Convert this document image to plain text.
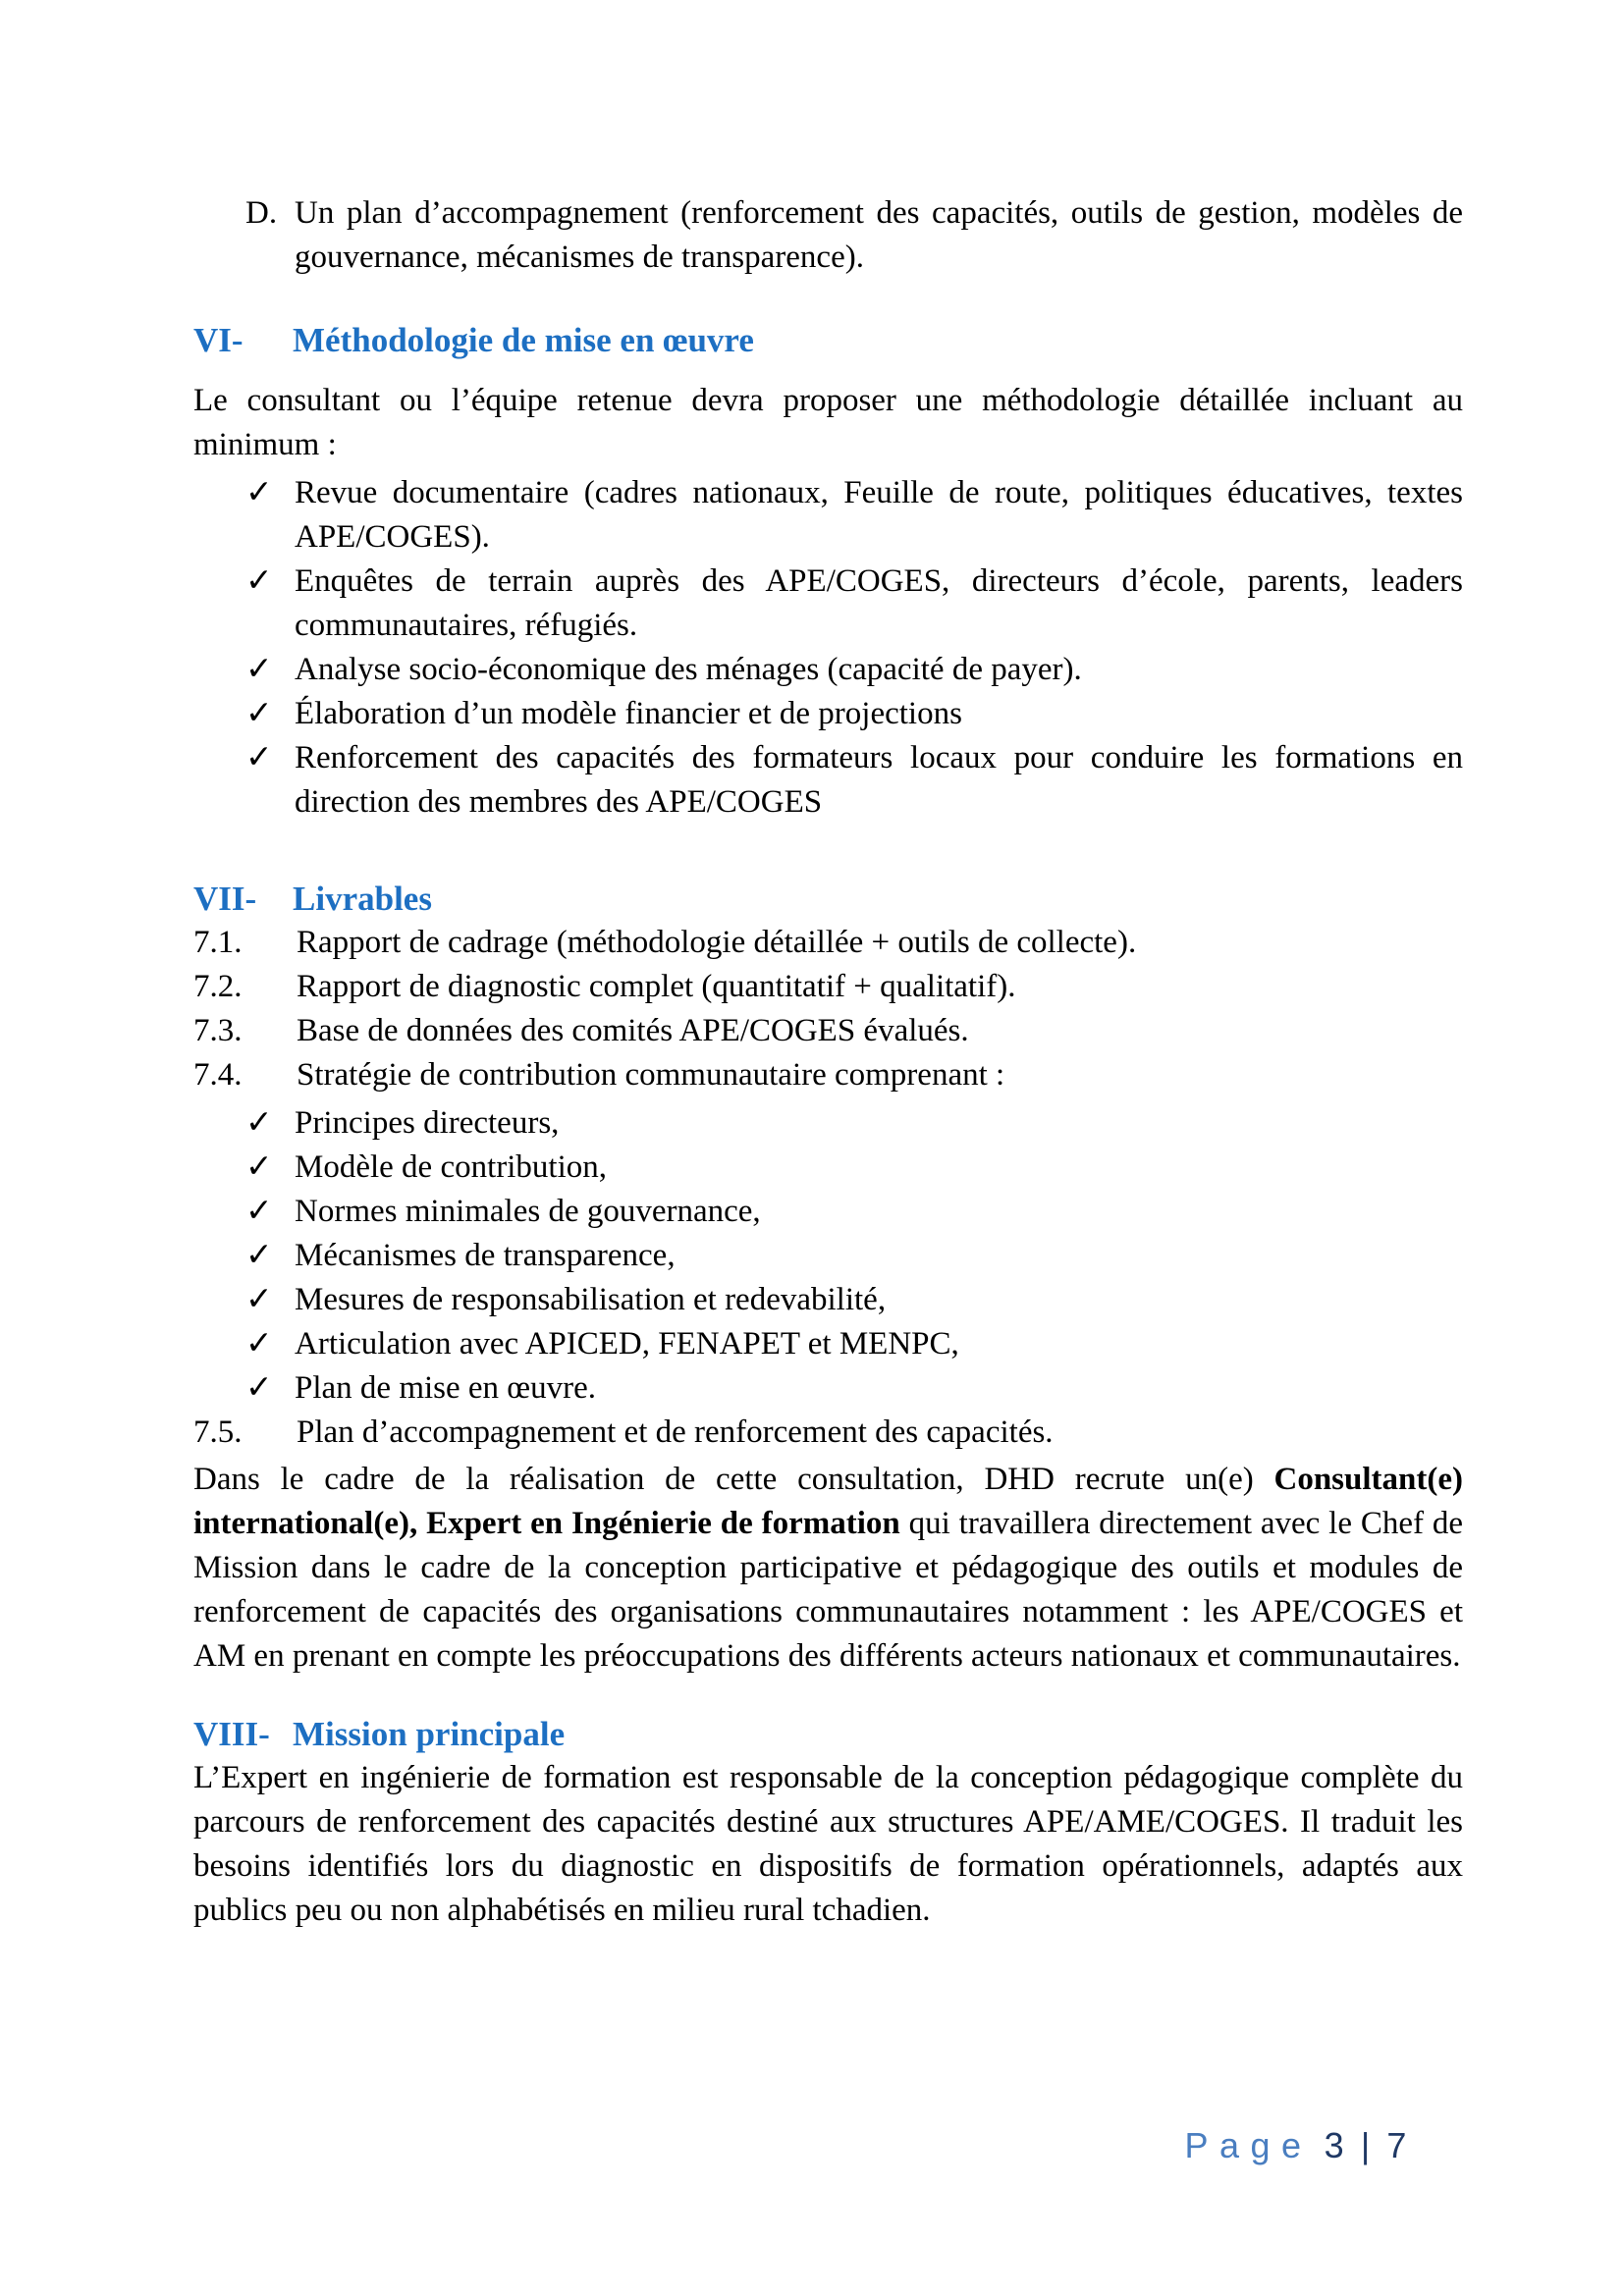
D. Un plan d’accompagnement (renforcement des capacités, outils de gestion, modèles de gouvernance, mécanismes de transparence).
VI-	Méthodologie de mise en œuvre

Le consultant ou l’équipe retenue devra proposer une méthodologie détaillée incluant au minimum :

✓ Revue documentaire (cadres nationaux, Feuille de route, politiques éducatives, textes APE/COGES).
✓ Enquêtes de terrain auprès des APE/COGES, directeurs d’école, parents, leaders communautaires, réfugiés.
✓ Analyse socio-économique des ménages (capacité de payer).
✓ Élaboration d’un modèle financier et de projections
✓ Renforcement des capacités des formateurs locaux pour conduire les formations en direction des membres des APE/COGES
VII-	Livrables
7.1.	Rapport de cadrage (méthodologie détaillée + outils de collecte).
7.2.	Rapport de diagnostic complet (quantitatif + qualitatif).
7.3.	Base de données des comités APE/COGES évalués.
7.4.	Stratégie de contribution communautaire comprenant :
✓ Principes directeurs,
✓ Modèle de contribution,
✓ Normes minimales de gouvernance,
✓ Mécanismes de transparence,
✓ Mesures de responsabilisation et redevabilité,
✓ Articulation avec APICED, FENAPET et MENPC,
✓ Plan de mise en œuvre.
7.5.	Plan d’accompagnement et de renforcement des capacités.

Dans le cadre de la réalisation de cette consultation, DHD recrute un(e) Consultant(e) international(e), Expert en Ingénierie de formation qui travaillera directement avec le Chef de Mission dans le cadre de la conception participative et pédagogique des outils et modules de renforcement de capacités des organisations communautaires notamment : les APE/COGES et AM en prenant en compte les préoccupations des différents acteurs nationaux et communautaires.

VIII- Mission principale

L’Expert en ingénierie de formation est responsable de la conception pédagogique complète du parcours de renforcement des capacités destiné aux structures APE/AME/COGES. Il traduit les besoins identifiés lors du diagnostic en dispositifs de formation opérationnels, adaptés aux publics peu ou non alphabétisés en milieu rural tchadien.

Page 3 | 7
